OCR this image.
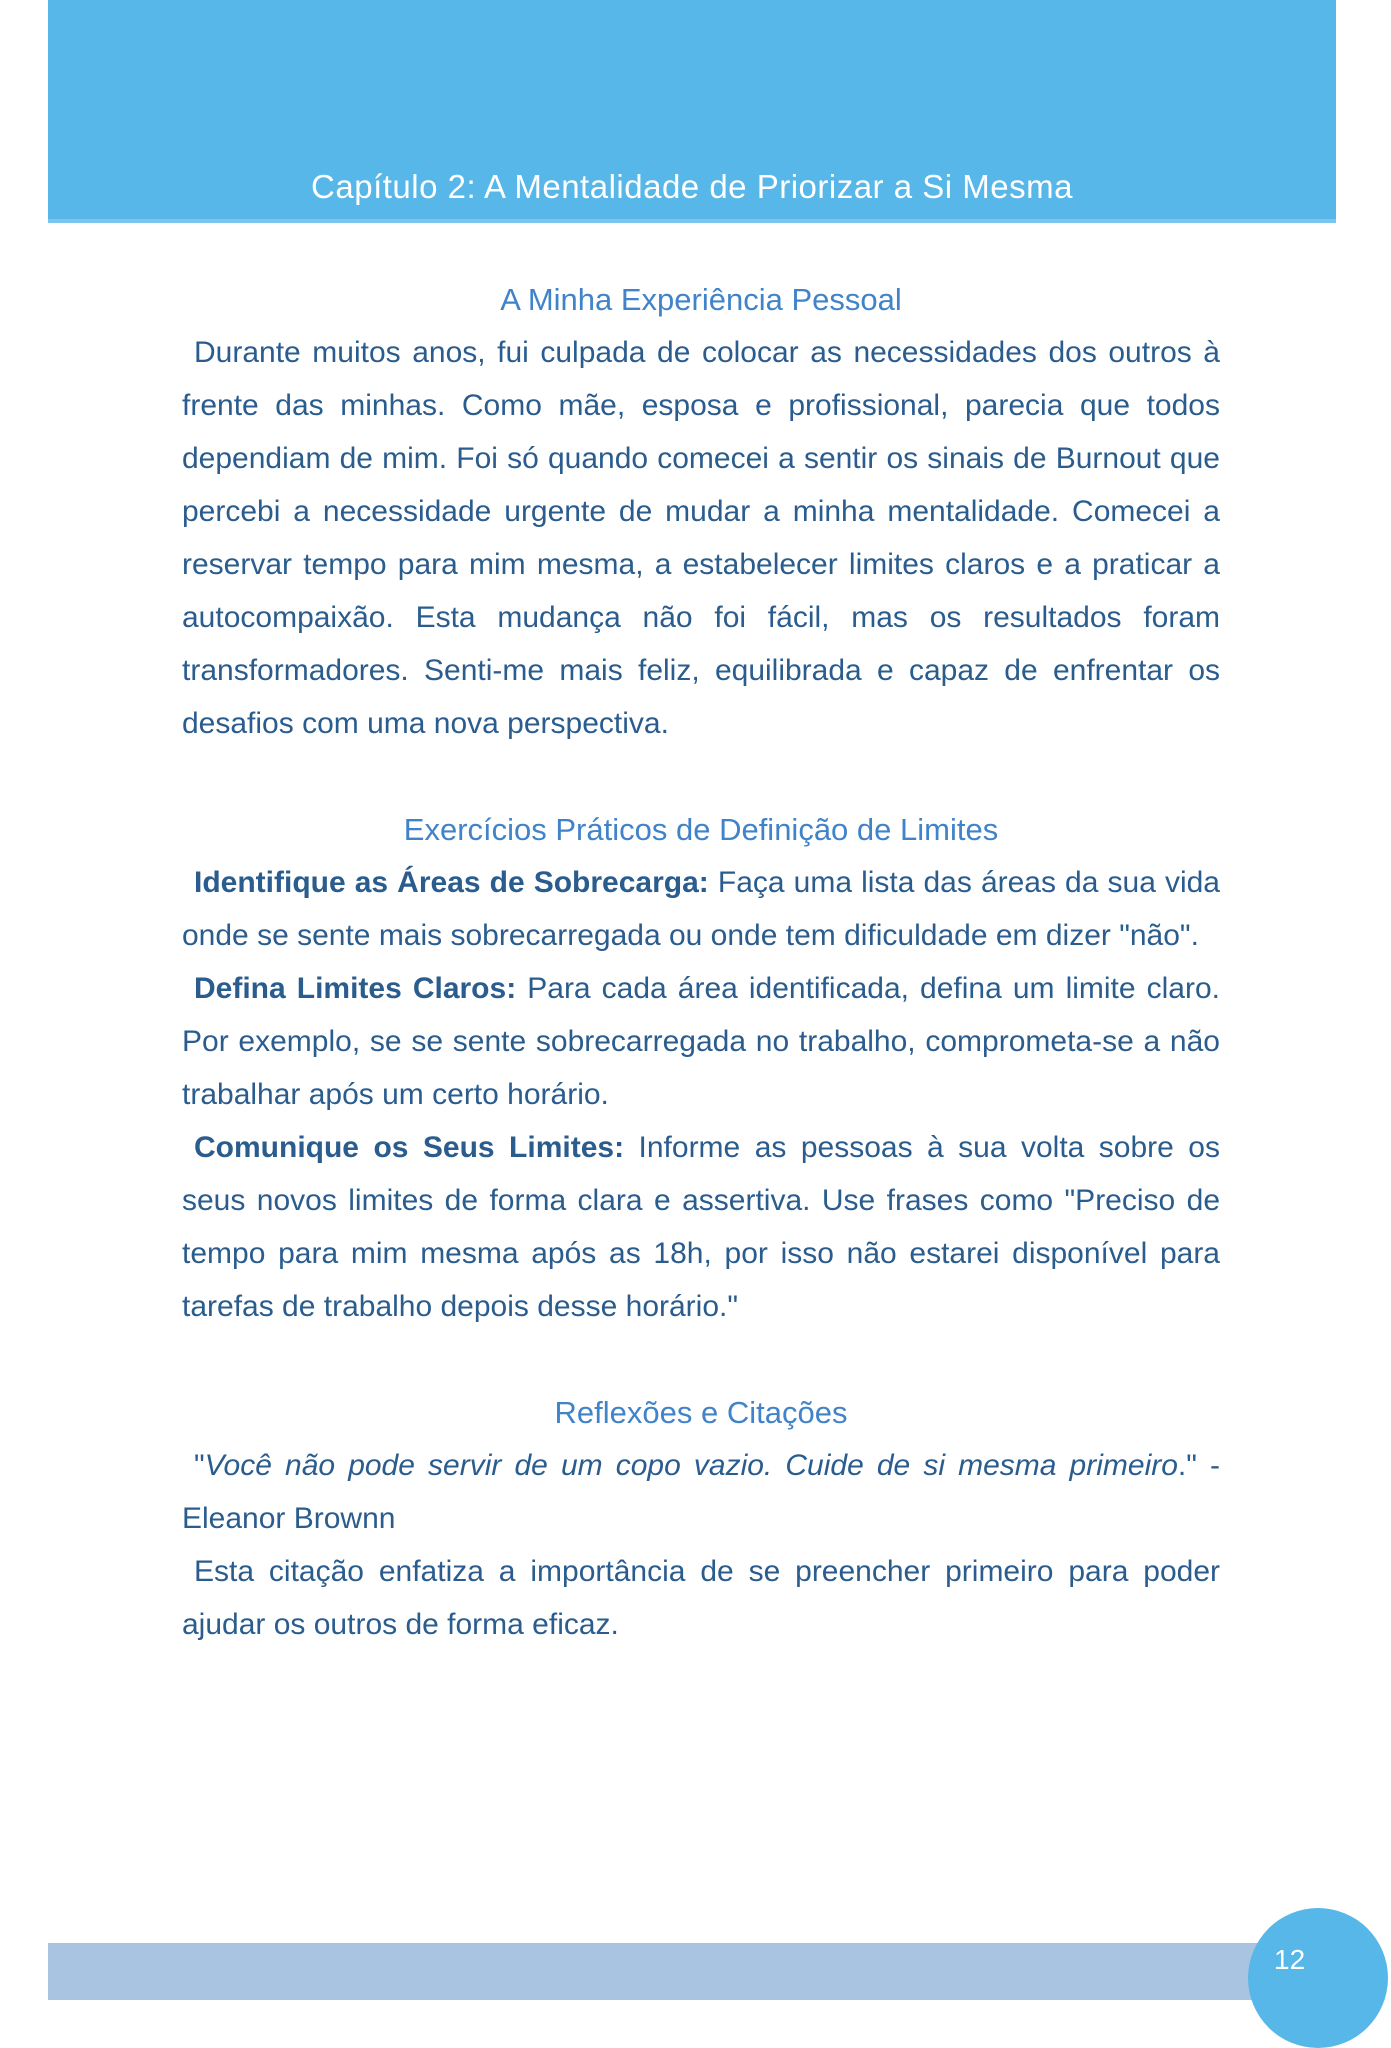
Capítulo 2: A Mentalidade de Priorizar a Si Mesma
A Minha Experiência Pessoal

Durante muitos anos, fui culpada de colocar as necessidades dos outros à frente das minhas. Como mãe, esposa e profissional, parecia que todos dependiam de mim. Foi só quando comecei a sentir os sinais de Burnout que percebi a necessidade urgente de mudar a minha mentalidade. Comecei a reservar tempo para mim mesma, a estabelecer limites claros e a praticar a autocompaixão. Esta mudança não foi fácil, mas os resultados foram transformadores. Senti-me mais feliz, equilibrada e capaz de enfrentar os desafios com uma nova perspectiva.

Exercícios Práticos de Definição de Limites

Identifique as Áreas de Sobrecarga: Faça uma lista das áreas da sua vida onde se sente mais sobrecarregada ou onde tem dificuldade em dizer "não".

Defina Limites Claros: Para cada área identificada, defina um limite claro. Por exemplo, se se sente sobrecarregada no trabalho, comprometa-se a não trabalhar após um certo horário.

Comunique os Seus Limites: Informe as pessoas à sua volta sobre os seus novos limites de forma clara e assertiva. Use frases como "Preciso de tempo para mim mesma após as 18h, por isso não estarei disponível para tarefas de trabalho depois desse horário."

Reflexões e Citações

"Você não pode servir de um copo vazio. Cuide de si mesma primeiro." - Eleanor Brownn

Esta citação enfatiza a importância de se preencher primeiro para poder ajudar os outros de forma eficaz.

12
